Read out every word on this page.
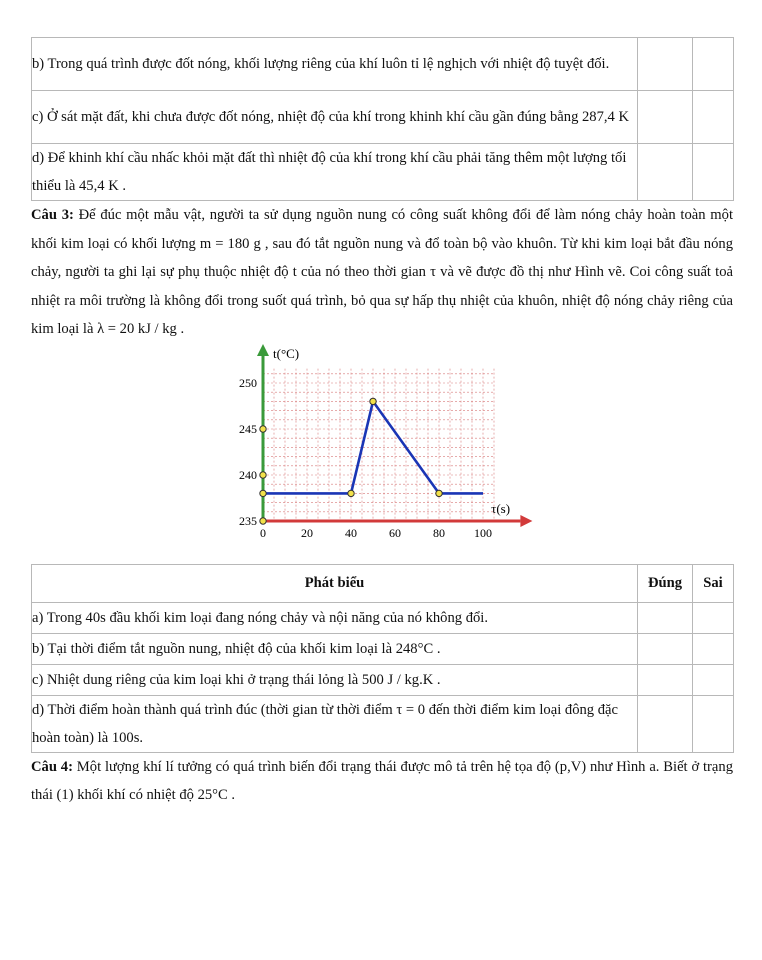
b) Trong quá trình được đốt nóng, khối lượng riêng của khí luôn tỉ lệ nghịch với nhiệt độ tuyệt đối.		
c) Ở sát mặt đất, khi chưa được đốt nóng, nhiệt độ của khí trong khinh khí cầu gần đúng bằng 287,4 K		
d) Để khinh khí cầu nhấc khỏi mặt đất thì nhiệt độ của khí trong khí cầu phải tăng thêm một lượng tối thiểu là 45,4 K .		
Câu 3: Để đúc một mẫu vật, người ta sử dụng nguồn nung có công suất không đổi để làm nóng chảy hoàn toàn một khối kim loại có khối lượng m = 180 g , sau đó tắt nguồn nung và đổ toàn bộ vào khuôn. Từ khi kim loại bắt đầu nóng chảy, người ta ghi lại sự phụ thuộc nhiệt độ t của nó theo thời gian τ và vẽ được đồ thị như Hình vẽ. Coi công suất toả nhiệt ra môi trường là không đổi trong suốt quá trình, bỏ qua sự hấp thụ nhiệt của khuôn, nhiệt độ nóng chảy riêng của kim loại là λ = 20 kJ / kg .
0	20	40	60	80 100
235
240
245
250
t(°C)
τ(s)
Phát biểu	Đúng	Sai
a) Trong 40s đầu khối kim loại đang nóng chảy và nội năng của nó không đổi.		
b) Tại thời điểm tắt nguồn nung, nhiệt độ của khối kim loại là 248°C .		
c) Nhiệt dung riêng của kim loại khi ở trạng thái lỏng là 500 J / kg.K .		
d) Thời điểm hoàn thành quá trình đúc (thời gian từ thời điểm τ = 0 đến thời điểm kim loại đông đặc hoàn toàn) là 100s.		
Câu 4: Một lượng khí lí tưởng có quá trình biến đổi trạng thái được mô tả trên hệ tọa độ (p,V) như Hình a. Biết ở trạng thái (1) khối khí có nhiệt độ 25°C .
